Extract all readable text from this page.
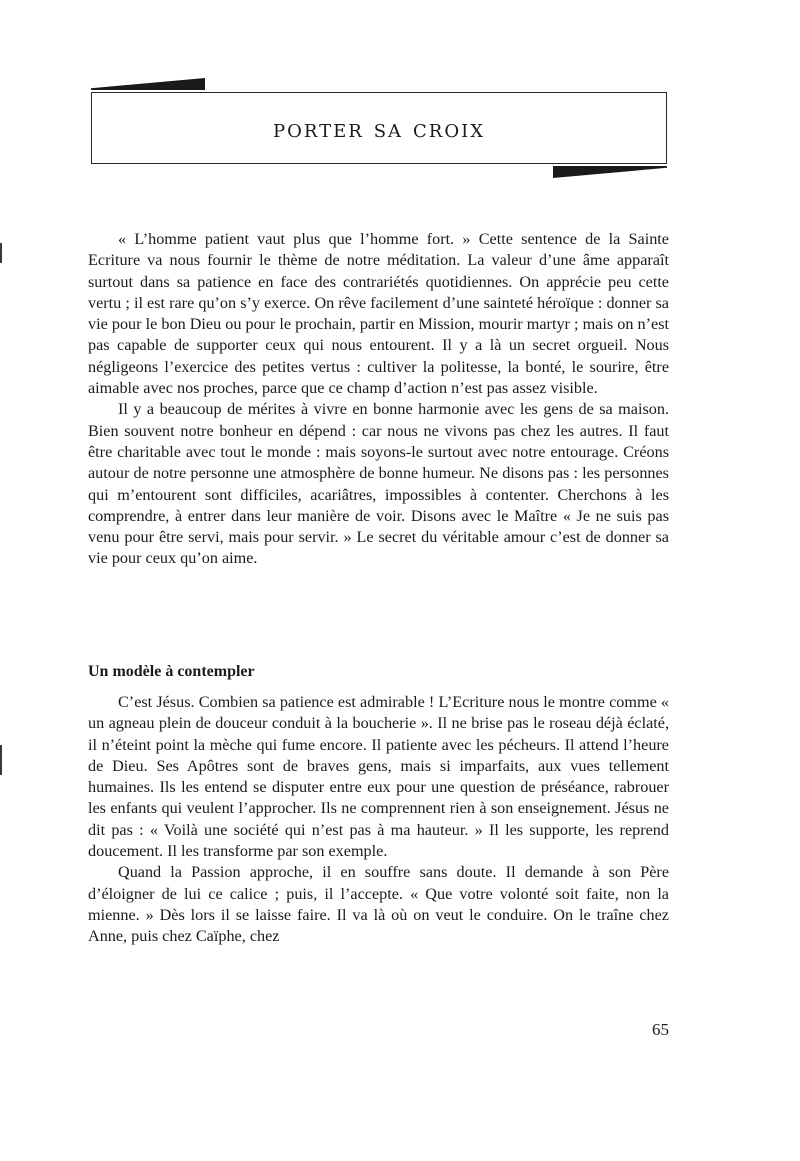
porter sa croix

« L’homme patient vaut plus que l’homme fort. » Cette sentence de la Sainte Ecriture va nous fournir le thème de notre méditation. La valeur d’une âme apparaît surtout dans sa patience en face des contrariétés quotidiennes. On apprécie peu cette vertu ; il est rare qu’on s’y exerce. On rêve facilement d’une sainteté héroïque : donner sa vie pour le bon Dieu ou pour le prochain, partir en Mission, mourir martyr ; mais on n’est pas capable de supporter ceux qui nous entourent. Il y a là un secret orgueil. Nous négligeons l’exercice des petites vertus : cultiver la politesse, la bonté, le sourire, être aimable avec nos proches, parce que ce champ d’action n’est pas assez visible.

Il y a beaucoup de mérites à vivre en bonne harmonie avec les gens de sa maison. Bien souvent notre bonheur en dépend : car nous ne vivons pas chez les autres. Il faut être charitable avec tout le monde : mais soyons-le surtout avec notre entourage. Créons autour de notre personne une atmosphère de bonne humeur. Ne disons pas : les personnes qui m’entourent sont difficiles, acariâtres, impossibles à contenter. Cherchons à les comprendre, à entrer dans leur manière de voir. Disons avec le Maître « Je ne suis pas venu pour être servi, mais pour servir. » Le secret du véritable amour c’est de donner sa vie pour ceux qu’on aime.

Un modèle à contempler

C’est Jésus. Combien sa patience est admirable ! L’Ecriture nous le montre comme « un agneau plein de douceur conduit à la boucherie ». Il ne brise pas le roseau déjà éclaté, il n’éteint point la mèche qui fume encore. Il patiente avec les pécheurs. Il attend l’heure de Dieu. Ses Apôtres sont de braves gens, mais si imparfaits, aux vues tellement humaines. Ils les entend se disputer entre eux pour une question de préséance, rabrouer les enfants qui veulent l’approcher. Ils ne comprennent rien à son enseignement. Jésus ne dit pas : « Voilà une société qui n’est pas à ma hauteur. » Il les supporte, les reprend doucement. Il les transforme par son exemple.

Quand la Passion approche, il en souffre sans doute. Il demande à son Père d’éloigner de lui ce calice ; puis, il l’accepte. « Que votre volonté soit faite, non la mienne. » Dès lors il se laisse faire. Il va là où on veut le conduire. On le traîne chez Anne, puis chez Caïphe, chez

65
